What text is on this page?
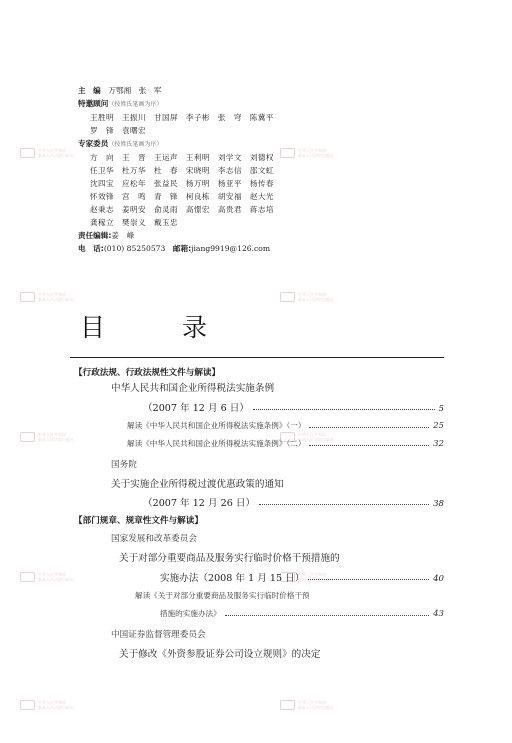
中华人民共和国
最高人民法院出版社
中华人民共和国
最高人民法院出版社
中华人民共和国
最高人民法院出版社
中华人民共和国
最高人民法院出版社
中华人民共和国
最高人民法院出版社
中华人民共和国
最高人民法院出版社
中华人民共和国
最高人民法院出版社
中华人民共和国
最高人民法院出版社
中华人民共和国
最高人民法院出版社
中华人民共和国
最高人民法院出版社
主　编　 万鄂湘　张　军
特邀顾问（按姓氏笔画为序）
王胜明　王振川　甘国屏　李子彬　张　穹　陈冀平
罗　锋　袁曙宏
专家委员（按姓氏笔画为序）
方　向　王　晋　王运声　王利明　刘学文　刘德权
任卫华　杜万华　杜　春　宋晓明　李志信　邵文虹
沈四宝　应松年　张益民　杨万明　杨亚平　杨传春
怀效锋　宫　鸣　青　锋　柯良栋　胡安福　赵大光
赵秉志　姜明安　俞灵雨　高憬宏　高贵君　蒋志培
龚稼立　樊崇义　戴玉忠
责任编辑:姜　峰
电　话:(010) 85250573　 邮箱:jiang9919@126.com
目　录
【行政法规、行政法规性文件与解读】
中华人民共和国企业所得税法实施条例
（2007 年 12 月 6 日）	5
解读《中华人民共和国企业所得税法实施条例》（一）	25
解读《中华人民共和国企业所得税法实施条例》（二）	32
国务院
关于实施企业所得税过渡优惠政策的通知
（2007 年 12 月 26 日）	38
【部门规章、规章性文件与解读】
国家发展和改革委员会
关于对部分重要商品及服务实行临时价格干预措施的
实施办法（2008 年 1 月 15 日）	40
解读《关于对部分重要商品及服务实行临时价格干预
措施的实施办法》	43
中国证券监督管理委员会
关于修改《外资参股证券公司设立规则》的决定
